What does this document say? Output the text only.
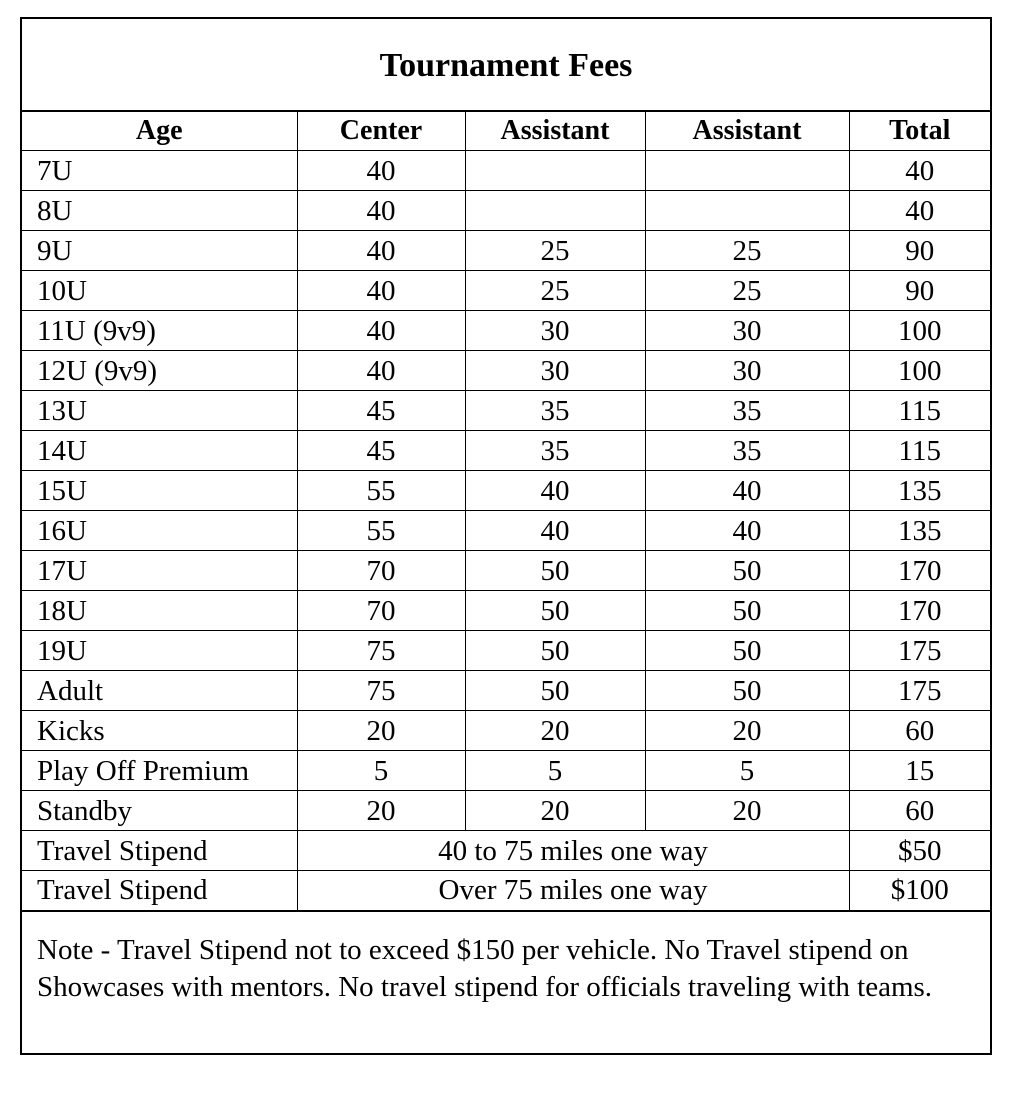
Tournament Fees
Age	Center	Assistant	Assistant	Total
7U	40			40
8U	40			40
9U	40	25	25	90
10U	40	25	25	90
11U (9v9)	40	30	30	100
12U (9v9)	40	30	30	100
13U	45	35	35	115
14U	45	35	35	115
15U	55	40	40	135
16U	55	40	40	135
17U	70	50	50	170
18U	70	50	50	170
19U	75	50	50	175
Adult	75	50	50	175
Kicks	20	20	20	60
Play Off Premium	5	5	5	15
Standby	20	20	20	60
Travel Stipend	40 to 75 miles one way			$50
Travel Stipend	Over 75 miles one way			$100
Note - Travel Stipend not to exceed $150 per vehicle. No Travel stipend on Showcases with mentors. No travel stipend for officials traveling with teams.
